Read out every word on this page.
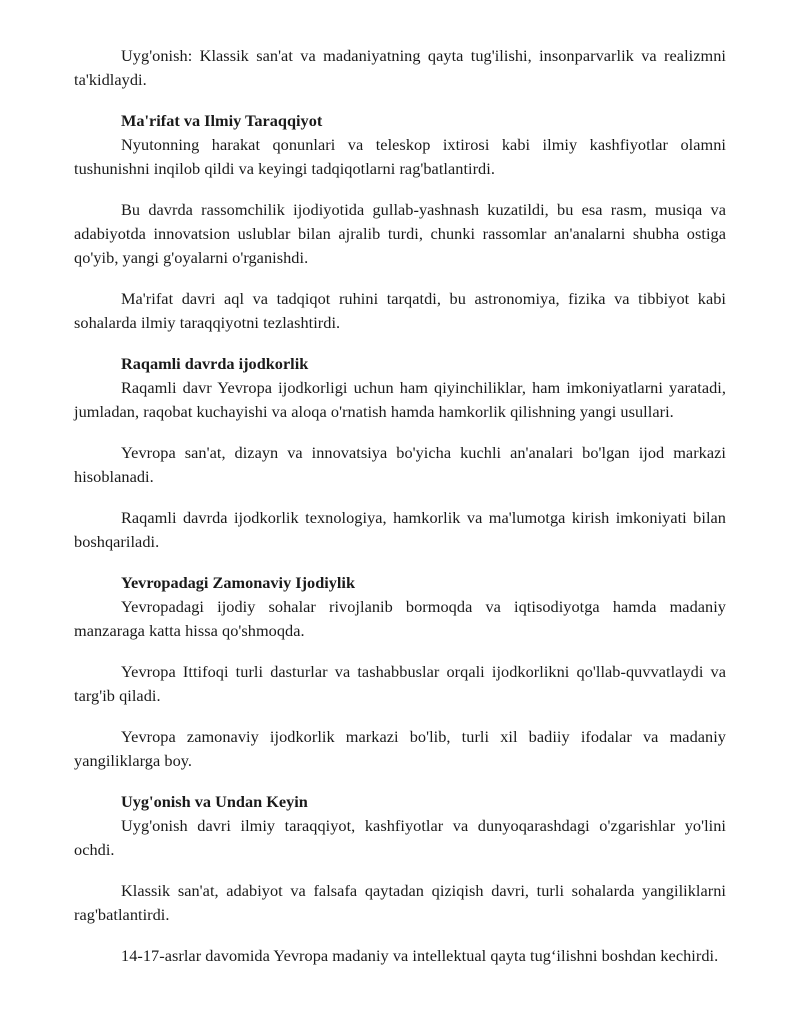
Uyg'onish: Klassik san'at va madaniyatning qayta tug'ilishi, insonparvarlik va realizmni ta'kidlaydi.

Ma'rifat va Ilmiy Taraqqiyot

Nyutonning harakat qonunlari va teleskop ixtirosi kabi ilmiy kashfiyotlar olamni tushunishni inqilob qildi va keyingi tadqiqotlarni rag'batlantirdi.

Bu davrda rassomchilik ijodiyotida gullab-yashnash kuzatildi, bu esa rasm, musiqa va adabiyotda innovatsion uslublar bilan ajralib turdi, chunki rassomlar an'analarni shubha ostiga qo'yib, yangi g'oyalarni o'rganishdi.

Ma'rifat davri aql va tadqiqot ruhini tarqatdi, bu astronomiya, fizika va tibbiyot kabi sohalarda ilmiy taraqqiyotni tezlashtirdi.

Raqamli davrda ijodkorlik

Raqamli davr Yevropa ijodkorligi uchun ham qiyinchiliklar, ham imkoniyatlarni yaratadi, jumladan, raqobat kuchayishi va aloqa o'rnatish hamda hamkorlik qilishning yangi usullari.

Yevropa san'at, dizayn va innovatsiya bo'yicha kuchli an'analari bo'lgan ijod markazi hisoblanadi.

Raqamli davrda ijodkorlik texnologiya, hamkorlik va ma'lumotga kirish imkoniyati bilan boshqariladi.

Yevropadagi Zamonaviy Ijodiylik

Yevropadagi ijodiy sohalar rivojlanib bormoqda va iqtisodiyotga hamda madaniy manzaraga katta hissa qo'shmoqda.

Yevropa Ittifoqi turli dasturlar va tashabbuslar orqali ijodkorlikni qo'llab-quvvatlaydi va targ'ib qiladi.

Yevropa zamonaviy ijodkorlik markazi bo'lib, turli xil badiiy ifodalar va madaniy yangiliklarga boy.

Uyg'onish va Undan Keyin

Uyg'onish davri ilmiy taraqqiyot, kashfiyotlar va dunyoqarashdagi o'zgarishlar yo'lini ochdi.

Klassik san'at, adabiyot va falsafa qaytadan qiziqish davri, turli sohalarda yangiliklarni rag'batlantirdi.

14-17-asrlar davomida Yevropa madaniy va intellektual qayta tug‘ilishni boshdan kechirdi.
